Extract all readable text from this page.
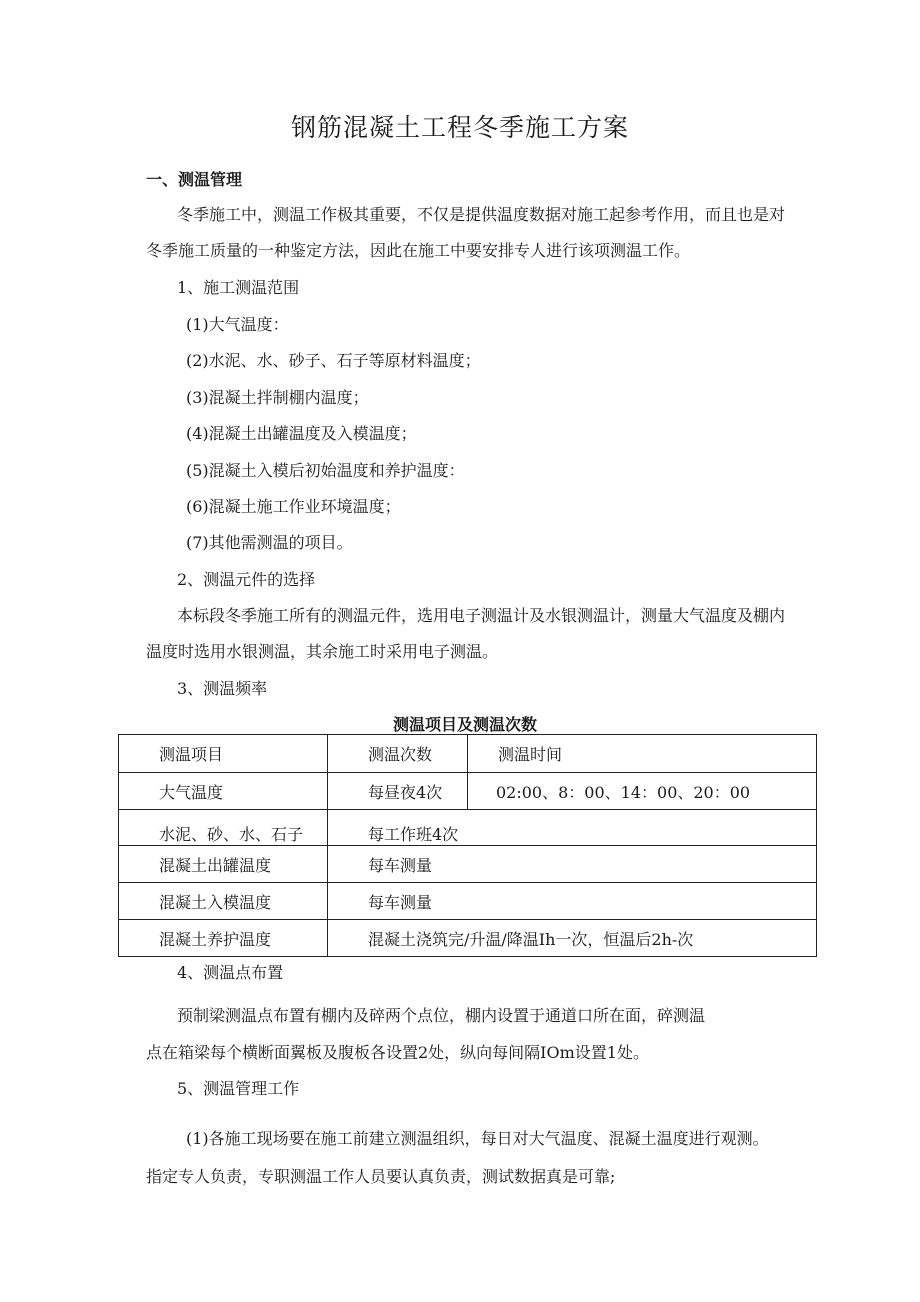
钢筋混凝土工程冬季施工方案
一、测温管理
冬季施工中，测温工作极其重要，不仅是提供温度数据对施工起参考作用，而且也是对
冬季施工质量的一种鉴定方法，因此在施工中要安排专人进行该项测温工作。
1、施工测温范围
(1)大气温度：
(2)水泥、水、砂子、石子等原材料温度；
(3)混凝土拌制棚内温度；
(4)混凝土出罐温度及入模温度；
(5)混凝土入模后初始温度和养护温度：
(6)混凝土施工作业环境温度；
(7)其他需测温的项目。
2、测温元件的选择
本标段冬季施工所有的测温元件，选用电子测温计及水银测温计，测量大气温度及棚内
温度时选用水银测温，其余施工时采用电子测温。
3、测温频率
测温项目及测温次数
测温项目	测温次数	测温时间
大气温度	每昼夜4次	02:00、8：00、14：00、20：00
水泥、砂、水、石子	每工作班4次	
混凝土出罐温度	每车测量	
混凝土入模温度	每车测量	
混凝土养护温度	混凝土浇筑完/升温/降温Ih一次，恒温后2h-次	
4、测温点布置
预制梁测温点布置有棚内及碎两个点位，棚内设置于通道口所在面，碎测温
点在箱梁每个横断面翼板及腹板各设置2处，纵向每间隔IOm设置1处。
5、测温管理工作
(1)各施工现场要在施工前建立测温组织，每日对大气温度、混凝土温度进行观测。
指定专人负责，专职测温工作人员要认真负责，测试数据真是可靠;
